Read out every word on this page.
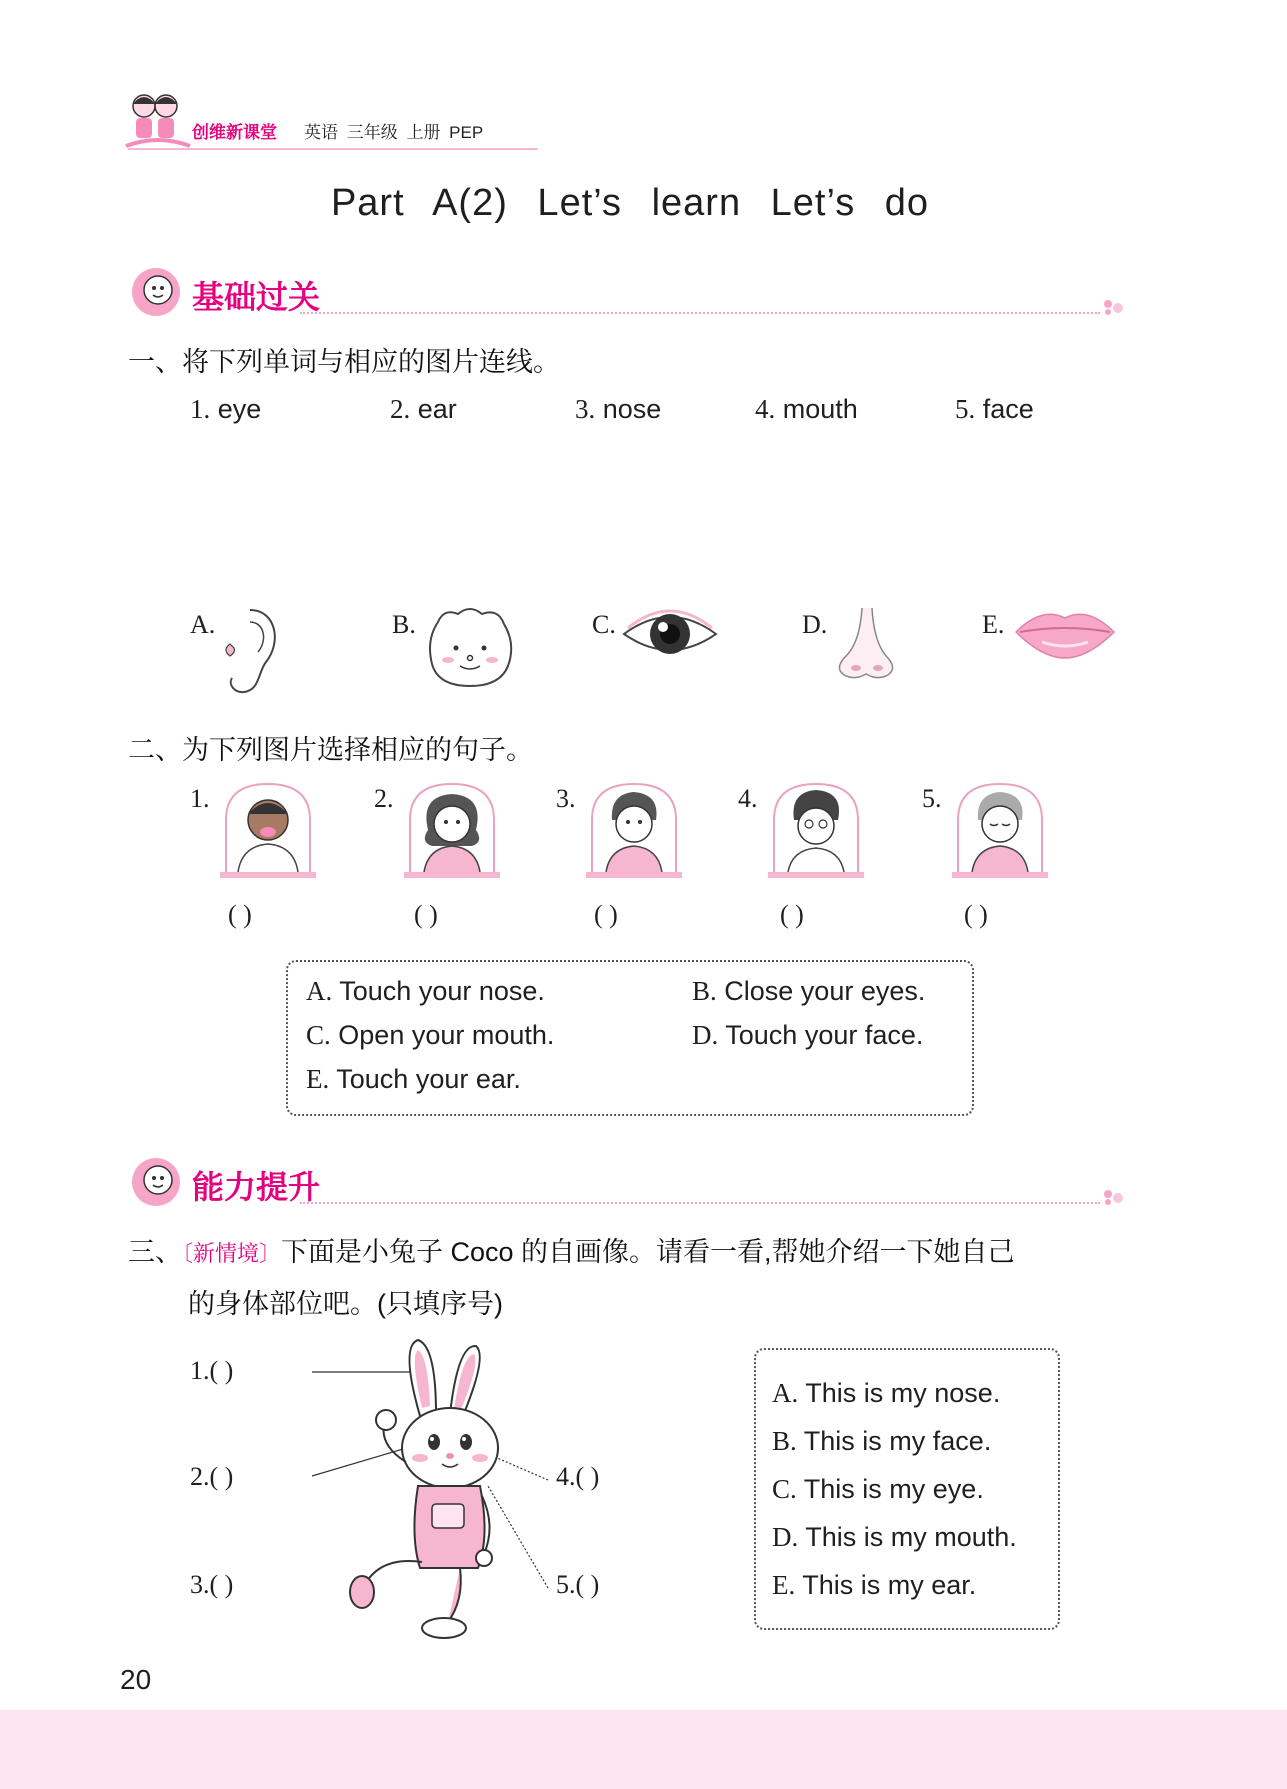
创维新课堂 英语 三年级 上册 PEP
Part A(2) Let’s learn Let’s do
基础过关
一、将下列单词与相应的图片连线。
1. eye	2. ear	3. nose	4. mouth	5. face
A.	B.	C.	D.	E.
二、为下列图片选择相应的句子。
1.	2.	3.	4.	5.
( )	( )	( )	( )	( )
A. Touch your nose.	B. Close your eyes.
C. Open your mouth.	D. Touch your face.
E. Touch your ear.
能力提升
三、〔新情境〕下面是小兔子 Coco 的自画像。请看一看,帮她介绍一下她自己
的身体部位吧。(只填序号)
1.( )
2.( )
3.( )
4.( )
5.( )
A. This is my nose.
B. This is my face.
C. This is my eye.
D. This is my mouth.
E. This is my ear.
20
